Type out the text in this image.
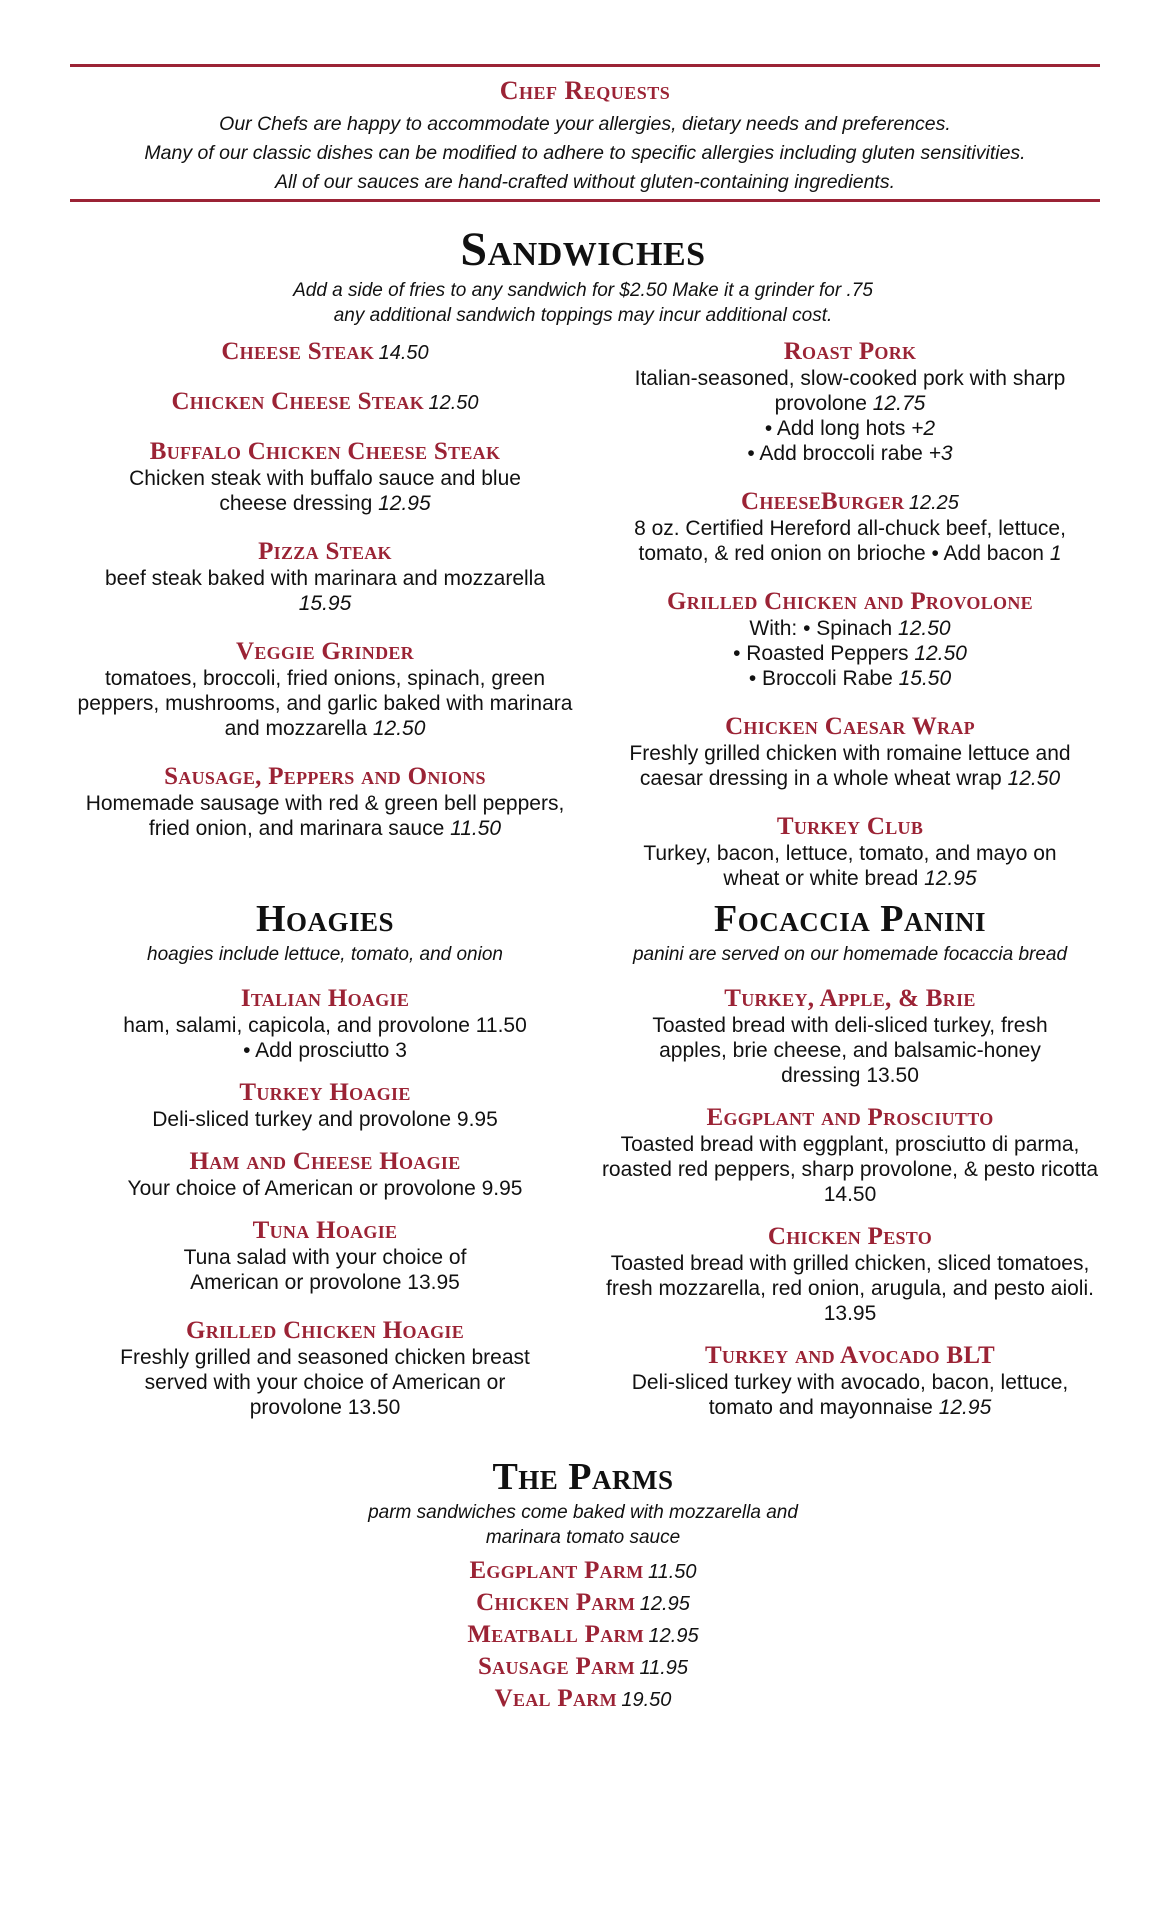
Chef Requests

Our Chefs are happy to accommodate your allergies, dietary needs and preferences.

Many of our classic dishes can be modified to adhere to specific allergies including gluten sensitivities.

All of our sauces are hand-crafted without gluten-containing ingredients.

Sandwiches

Add a side of fries to any sandwich for $2.50 Make it a grinder for .75

any additional sandwich toppings may incur additional cost.

Cheese Steak 14.50
Chicken Cheese Steak 12.50
Buffalo Chicken Cheese Steak
Chicken steak with buffalo sauce and blue cheese dressing 12.95
Pizza Steak
beef steak baked with marinara and mozzarella
15.95
Veggie Grinder
tomatoes, broccoli, fried onions, spinach, green peppers, mushrooms, and garlic baked with marinara and mozzarella 12.50
Sausage, Peppers and Onions
Homemade sausage with red & green bell peppers, fried onion, and marinara sauce 11.50
Roast Pork
Italian-seasoned, slow-cooked pork with sharp provolone 12.75
• Add long hots +2
• Add broccoli rabe +3
CheeseBurger 12.25
8 oz. Certified Hereford all-chuck beef, lettuce,
tomato, & red onion on brioche • Add bacon 1
Grilled Chicken and Provolone
With: • Spinach 12.50
• Roasted Peppers 12.50
• Broccoli Rabe 15.50
Chicken Caesar Wrap
Freshly grilled chicken with romaine lettuce and caesar dressing in a whole wheat wrap 12.50
Turkey Club
Turkey, bacon, lettuce, tomato, and mayo on wheat or white bread 12.95
Hoagies

hoagies include lettuce, tomato, and onion

Italian Hoagie
ham, salami, capicola, and provolone 11.50
• Add prosciutto 3
Turkey Hoagie
Deli-sliced turkey and provolone 9.95
Ham and Cheese Hoagie
Your choice of American or provolone 9.95
Tuna Hoagie
Tuna salad with your choice of American or provolone 13.95
Grilled Chicken Hoagie
Freshly grilled and seasoned chicken breast served with your choice of American or provolone 13.50
Focaccia Panini

panini are served on our homemade focaccia bread

Turkey, Apple, & Brie
Toasted bread with deli-sliced turkey, fresh apples, brie cheese, and balsamic-honey dressing 13.50
Eggplant and Prosciutto
Toasted bread with eggplant, prosciutto di parma, roasted red peppers, sharp provolone, & pesto ricotta 14.50
Chicken Pesto
Toasted bread with grilled chicken, sliced tomatoes, fresh mozzarella, red onion, arugula, and pesto aioli. 13.95
Turkey and Avocado BLT
Deli-sliced turkey with avocado, bacon, lettuce, tomato and mayonnaise 12.95
The Parms

parm sandwiches come baked with mozzarella and

marinara tomato sauce

Eggplant Parm 11.50
Chicken Parm 12.95
Meatball Parm 12.95
Sausage Parm 11.95
Veal Parm 19.50
